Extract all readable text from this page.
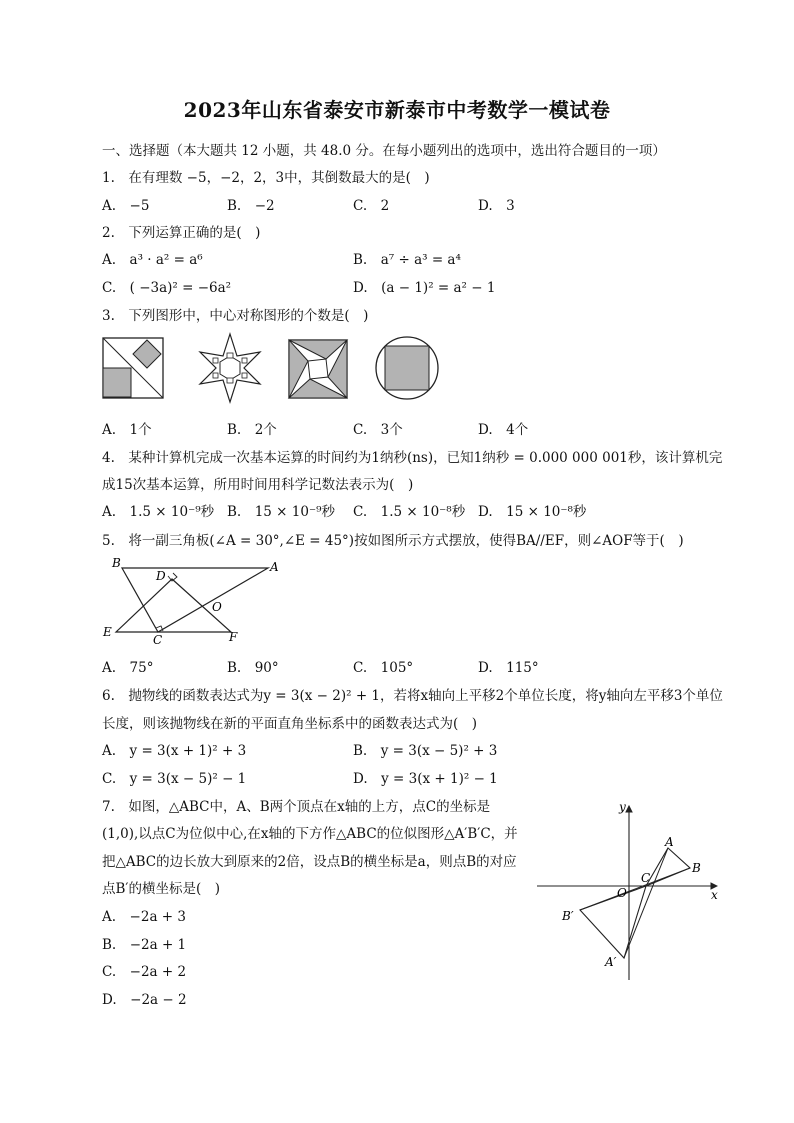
2023年山东省泰安市新泰市中考数学一模试卷
一、选择题（本大题共 12 小题，共 48.0 分。在每小题列出的选项中，选出符合题目的一项）
1.　在有理数 −5，−2，2，3中，其倒数最大的是(　)
A.　−5	B.　−2	C.　2	D.　3
2.　下列运算正确的是(　)
A.　a³ · a² = a⁶	B.　a⁷ ÷ a³ = a⁴
C.　( −3a)² = −6a²	D.　(a − 1)² = a² − 1
3.　下列图形中，中心对称图形的个数是(　)
A.　1个	B.　2个	C.　3个	D.　4个
4.　某种计算机完成一次基本运算的时间约为1纳秒(ns)，已知1纳秒 = 0.000 000 001秒，该计算机完
成15次基本运算，所用时间用科学记数法表示为(　)
A.　1.5 × 10⁻⁹秒 B.　15 × 10⁻⁹秒 C.　1.5 × 10⁻⁸秒 D.　15 × 10⁻⁸秒
5.　将一副三角板(∠A = 30°,∠E = 45°)按如图所示方式摆放，使得BA//EF，则∠AOF等于(　)
B	A
D
O
E
C	F
A.　75°	B.　90°	C.　105°	D.　115°
6.　抛物线的函数表达式为y = 3(x − 2)² + 1，若将x轴向上平移2个单位长度，将y轴向左平移3个单位
长度，则该抛物线在新的平面直角坐标系中的函数表达式为(　)
A.　y = 3(x + 1)² + 3	B.　y = 3(x − 5)² + 3
C.　y = 3(x − 5)² − 1	D.　y = 3(x + 1)² − 1
7.　如图，△ABC中，A、B两个顶点在x轴的上方，点C的坐标是
(1,0),以点C为位似中心,在x轴的下方作△ABC的位似图形△A′B′C，并
把△ABC的边长放大到原来的2倍，设点B的横坐标是a，则点B的对应
点B′的横坐标是(　)
A.　−2a + 3
B.　−2a + 1
C.　−2a + 2
D.　−2a − 2
y
x
O
A
B
C
B′
A′
